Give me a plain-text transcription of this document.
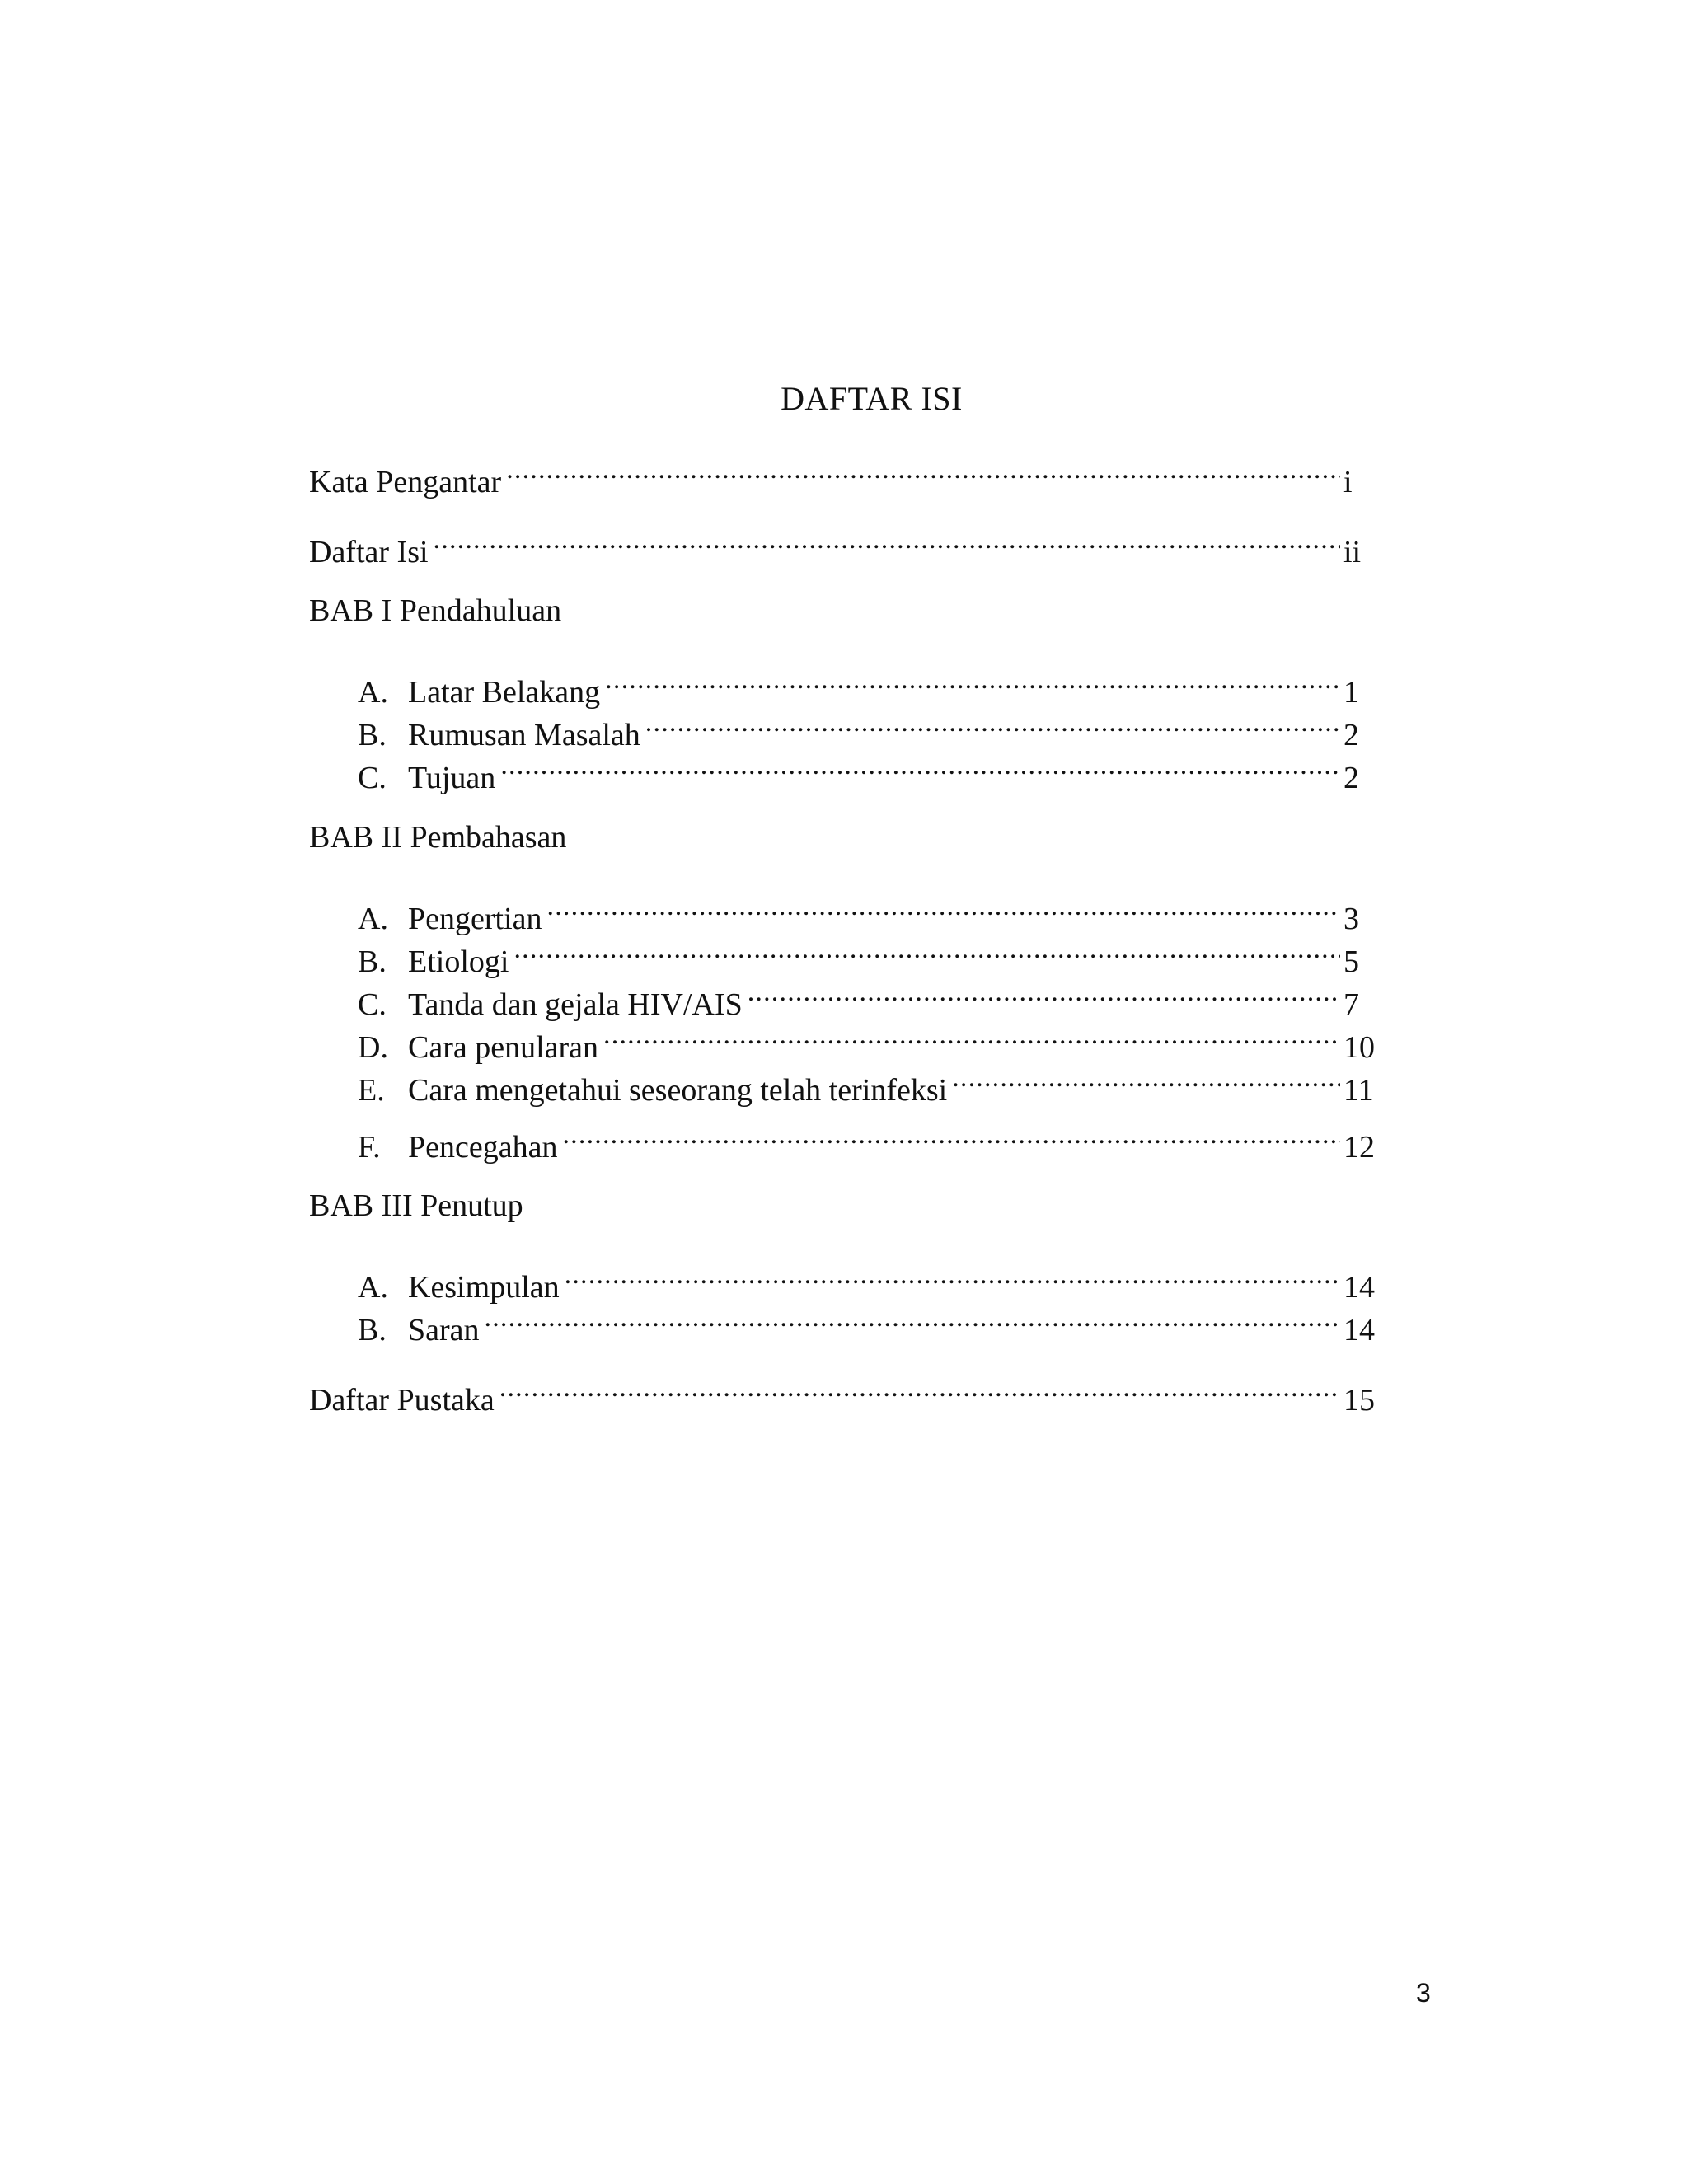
DAFTAR ISI
Kata Pengantar .....	i
Daftar Isi .....	ii
BAB I Pendahuluan
A. Latar Belakang .....	1
B. Rumusan Masalah .....	2
C. Tujuan .....	2
BAB II Pembahasan
A. Pengertian .....	3
B. Etiologi .....	5
C. Tanda dan gejala HIV/AIS .....	7
D. Cara penularan .....	10
E. Cara mengetahui seseorang telah terinfeksi .....	11
F. Pencegahan .....	12
BAB III Penutup
A. Kesimpulan .....	14
B. Saran .....	14
Daftar Pustaka .....	15
3
